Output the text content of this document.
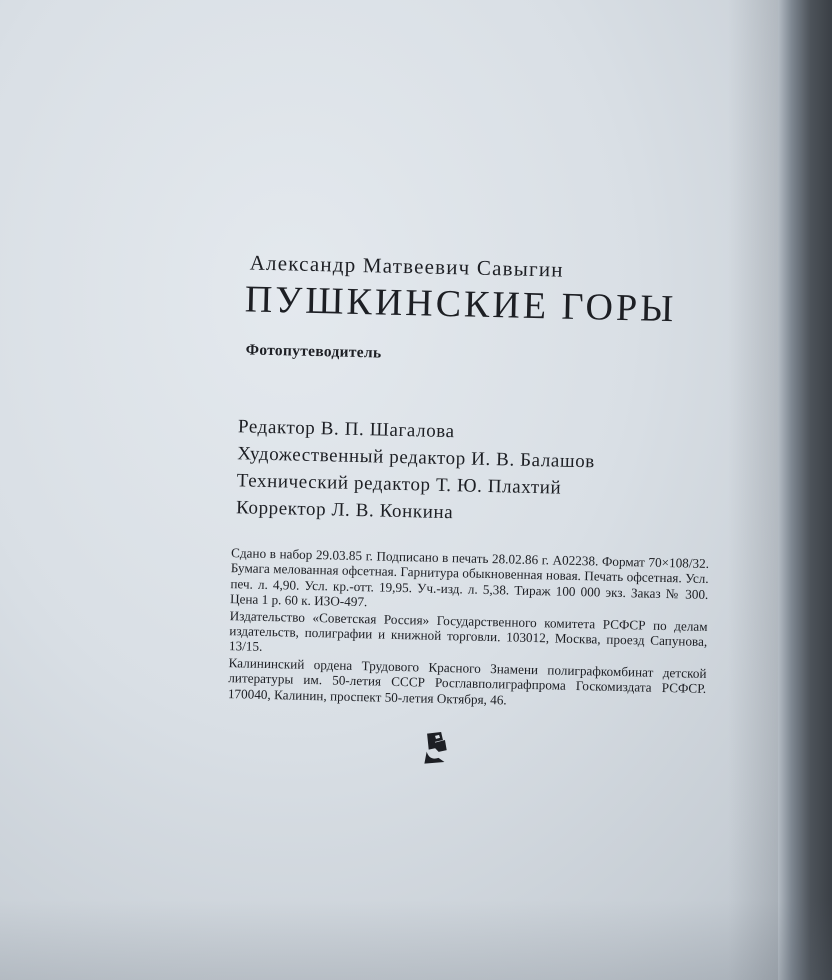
Александр Матвеевич Савыгин
ПУШКИНСКИЕ ГОРЫ
Фотопутеводитель
Редактор В. П. Шагалова
Художественный редактор И. В. Балашов
Технический редактор Т. Ю. Плахтий
Корректор Л. В. Конкина

Сдано в набор 29.03.85 г. Подписано в печать 28.02.86 г. А02238. Формат 70×108/32. Бумага мелованная офсетная. Гарнитура обыкновенная новая. Печать офсетная. Усл. печ. л. 4,90. Усл. кр.-отт. 19,95. Уч.-изд. л. 5,38. Тираж 100 000 экз. Заказ № 300. Цена 1 р. 60 к. ИЗО-497.

Издательство «Советская Россия» Государственного комитета РСФСР по делам издательств, полиграфии и книжной торговли. 103012, Москва, проезд Сапунова, 13/15.

Калининский ордена Трудового Красного Знамени полиграфкомбинат детской литературы им. 50-летия СССР Росглавполиграфпрома Госкомиздата РСФСР. 170040, Калинин, проспект 50-летия Октября, 46.
